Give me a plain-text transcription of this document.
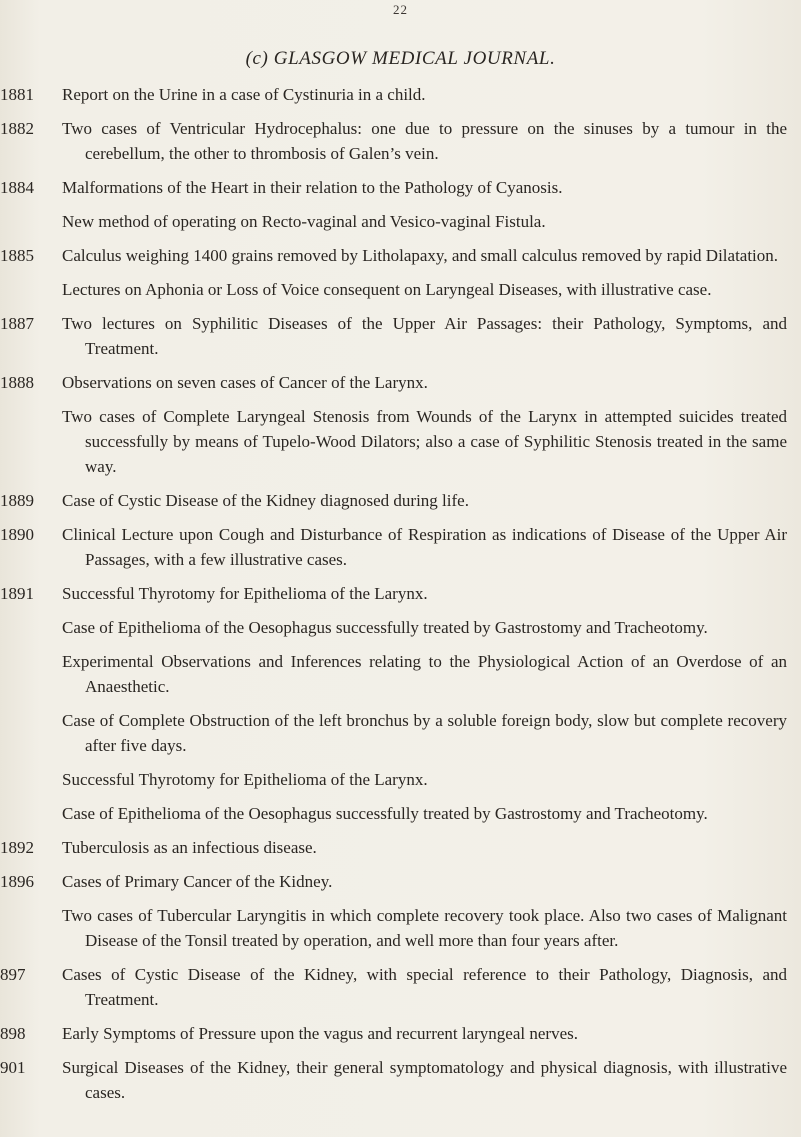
22
(c) GLASGOW MEDICAL JOURNAL.
1881	Report on the Urine in a case of Cystinuria in a child.
1882	Two cases of Ventricular Hydrocephalus: one due to pressure on the sinuses by a tumour in the cerebellum, the other to thrombosis of Galen’s vein.
1884	Malformations of the Heart in their relation to the Pathology of Cyanosis.
New method of operating on Recto-vaginal and Vesico-vaginal Fistula.
1885	Calculus weighing 1400 grains removed by Litholapaxy, and small calculus removed by rapid Dilatation.
Lectures on Aphonia or Loss of Voice consequent on Laryngeal Diseases, with illustrative case.
1887	Two lectures on Syphilitic Diseases of the Upper Air Passages: their Pathology, Symptoms, and Treatment.
1888	Observations on seven cases of Cancer of the Larynx.
Two cases of Complete Laryngeal Stenosis from Wounds of the Larynx in attempted suicides treated successfully by means of Tupelo-Wood Dilators; also a case of Syphilitic Stenosis treated in the same way.
1889	Case of Cystic Disease of the Kidney diagnosed during life.
1890	Clinical Lecture upon Cough and Disturbance of Respiration as indications of Disease of the Upper Air Passages, with a few illustrative cases.
1891	Successful Thyrotomy for Epithelioma of the Larynx.
Case of Epithelioma of the Oesophagus successfully treated by Gastrostomy and Tracheotomy.
Experimental Observations and Inferences relating to the Physiological Action of an Overdose of an Anaesthetic.
Case of Complete Obstruction of the left bronchus by a soluble foreign body, slow but complete recovery after five days.
Successful Thyrotomy for Epithelioma of the Larynx.
Case of Epithelioma of the Oesophagus successfully treated by Gastrostomy and Tracheotomy.
1892	Tuberculosis as an infectious disease.
1896	Cases of Primary Cancer of the Kidney.
Two cases of Tubercular Laryngitis in which complete recovery took place. Also two cases of Malignant Disease of the Tonsil treated by operation, and well more than four years after.
897	Cases of Cystic Disease of the Kidney, with special reference to their Pathology, Diagnosis, and Treatment.
898	Early Symptoms of Pressure upon the vagus and recurrent laryngeal nerves.
901	Surgical Diseases of the Kidney, their general symptomatology and physical diagnosis, with illustrative cases.
